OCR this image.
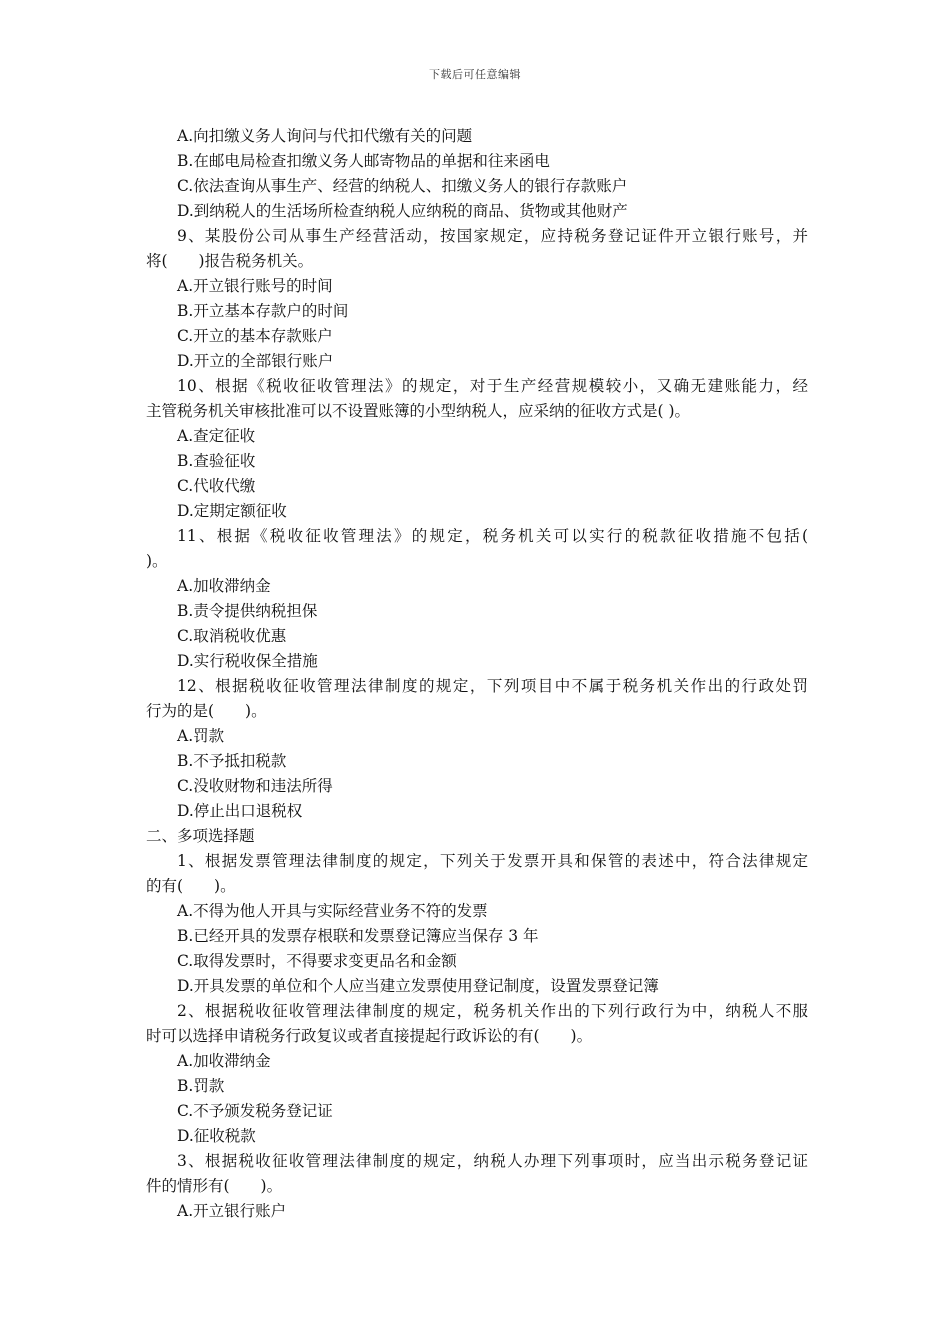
下载后可任意编辑
A.向扣缴义务人询问与代扣代缴有关的问题
B.在邮电局检查扣缴义务人邮寄物品的单据和往来函电
C.依法查询从事生产、经营的纳税人、扣缴义务人的银行存款账户
D.到纳税人的生活场所检查纳税人应纳税的商品、货物或其他财产
9、某股份公司从事生产经营活动，按国家规定，应持税务登记证件开立银行账号，并
将(　　)报告税务机关。
A.开立银行账号的时间
B.开立基本存款户的时间
C.开立的基本存款账户
D.开立的全部银行账户
10、根据《税收征收管理法》的规定，对于生产经营规模较小，又确无建账能力，经
主管税务机关审核批准可以不设置账簿的小型纳税人，应采纳的征收方式是( )。
A.查定征收
B.查验征收
C.代收代缴
D.定期定额征收
11、根据《税收征收管理法》的规定，税务机关可以实行的税款征收措施不包括(
)。
A.加收滞纳金
B.责令提供纳税担保
C.取消税收优惠
D.实行税收保全措施
12、根据税收征收管理法律制度的规定，下列项目中不属于税务机关作出的行政处罚
行为的是(　　)。
A.罚款
B.不予抵扣税款
C.没收财物和违法所得
D.停止出口退税权
二、多项选择题
1、根据发票管理法律制度的规定，下列关于发票开具和保管的表述中，符合法律规定
的有(　　)。
A.不得为他人开具与实际经营业务不符的发票
B.已经开具的发票存根联和发票登记簿应当保存 3 年
C.取得发票时，不得要求变更品名和金额
D.开具发票的单位和个人应当建立发票使用登记制度，设置发票登记簿
2、根据税收征收管理法律制度的规定，税务机关作出的下列行政行为中，纳税人不服
时可以选择申请税务行政复议或者直接提起行政诉讼的有(　　)。
A.加收滞纳金
B.罚款
C.不予颁发税务登记证
D.征收税款
3、根据税收征收管理法律制度的规定，纳税人办理下列事项时，应当出示税务登记证
件的情形有(　　)。
A.开立银行账户
